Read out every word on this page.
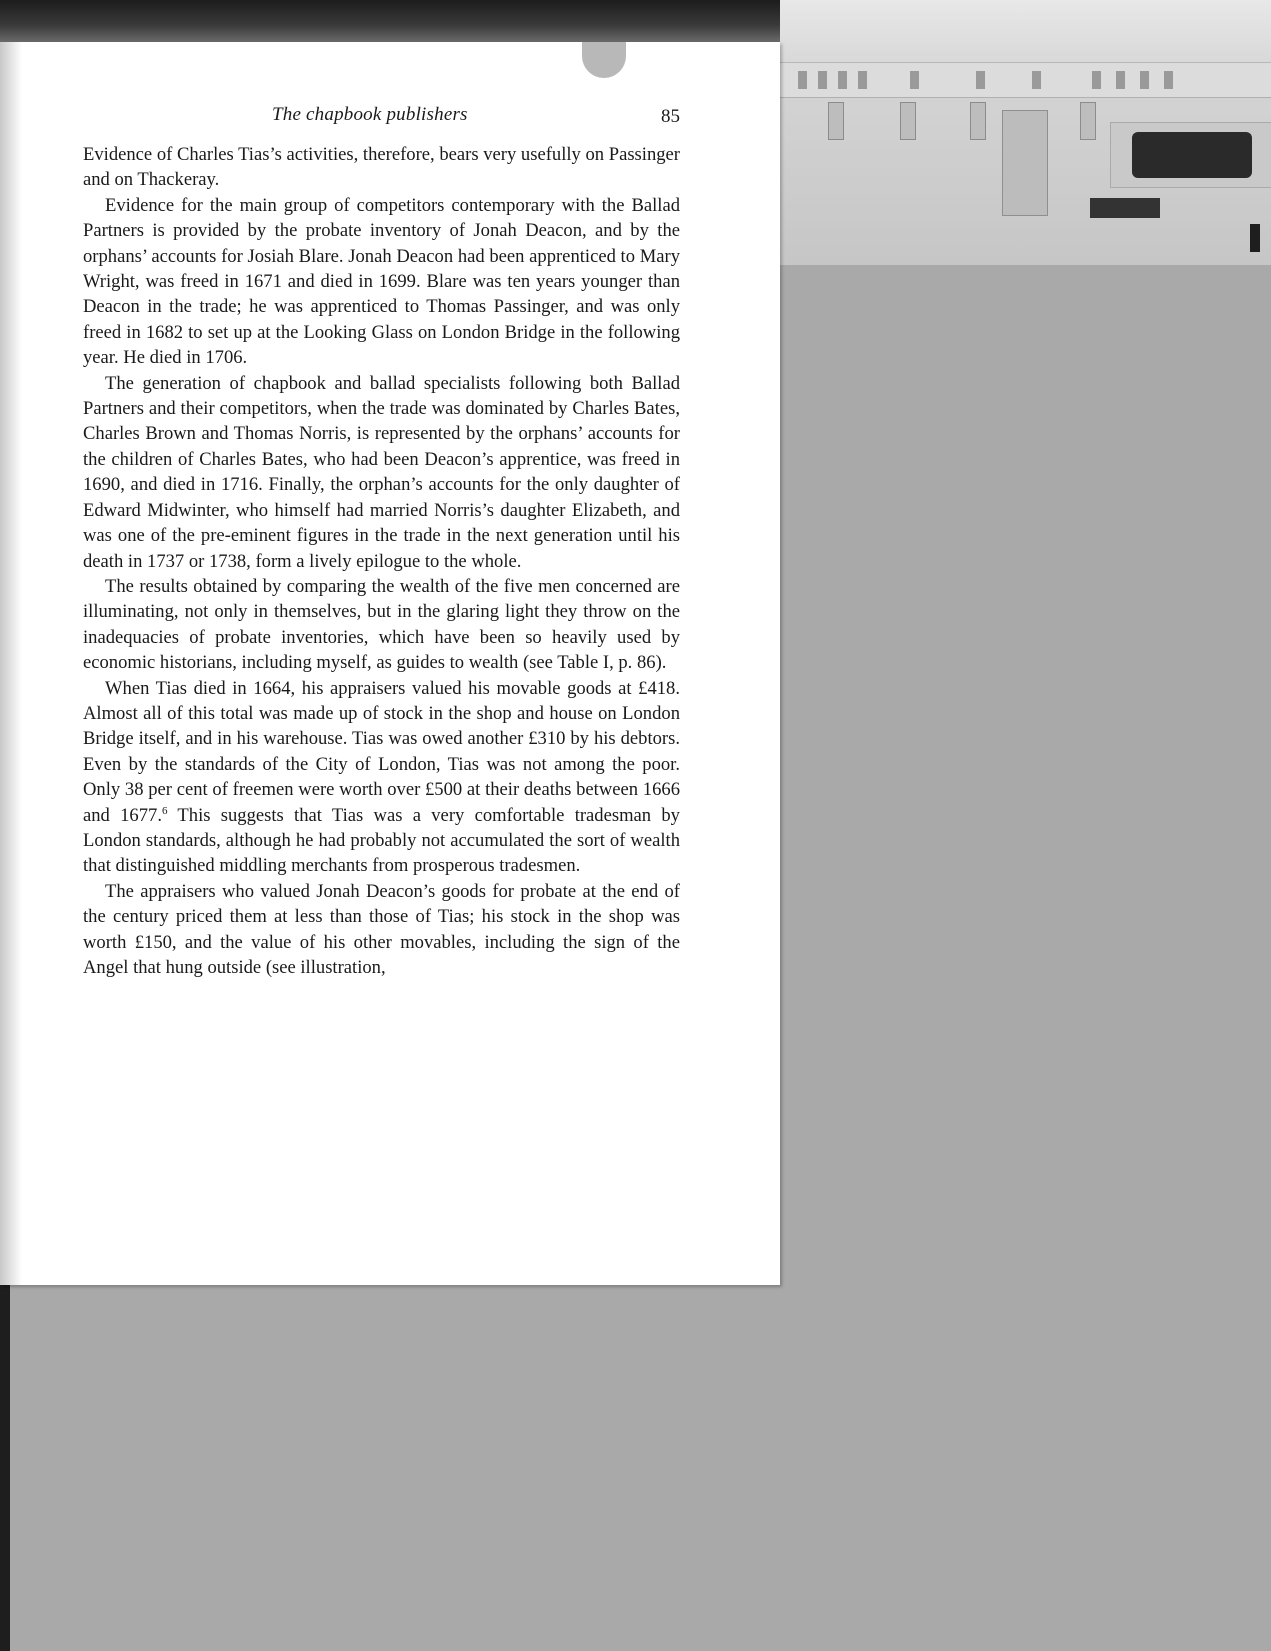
The chapbook publishers	85

Evidence of Charles Tias’s activities, therefore, bears very usefully on Passinger and on Thackeray.

Evidence for the main group of competitors contemporary with the Ballad Partners is provided by the probate inventory of Jonah Deacon, and by the orphans’ accounts for Josiah Blare. Jonah Deacon had been apprenticed to Mary Wright, was freed in 1671 and died in 1699. Blare was ten years younger than Deacon in the trade; he was apprenticed to Thomas Passinger, and was only freed in 1682 to set up at the Looking Glass on London Bridge in the following year. He died in 1706.

The generation of chapbook and ballad specialists following both Ballad Partners and their competitors, when the trade was dominated by Charles Bates, Charles Brown and Thomas Norris, is represented by the orphans’ accounts for the children of Charles Bates, who had been Deacon’s apprentice, was freed in 1690, and died in 1716. Finally, the orphan’s accounts for the only daughter of Edward Midwinter, who himself had married Norris’s daughter Elizabeth, and was one of the pre-eminent figures in the trade in the next generation until his death in 1737 or 1738, form a lively epilogue to the whole.

The results obtained by comparing the wealth of the five men concerned are illuminating, not only in themselves, but in the glaring light they throw on the inadequacies of probate inventories, which have been so heavily used by economic historians, including myself, as guides to wealth (see Table I, p. 86).

When Tias died in 1664, his appraisers valued his movable goods at £418. Almost all of this total was made up of stock in the shop and house on London Bridge itself, and in his warehouse. Tias was owed another £310 by his debtors. Even by the standards of the City of London, Tias was not among the poor. Only 38 per cent of freemen were worth over £500 at their deaths between 1666 and 1677.$^6$ This suggests that Tias was a very comfortable tradesman by London standards, although he had probably not accumulated the sort of wealth that distinguished middling merchants from prosperous tradesmen.

The appraisers who valued Jonah Deacon’s goods for probate at the end of the century priced them at less than those of Tias; his stock in the shop was worth £150, and the value of his other movables, including the sign of the Angel that hung outside (see illustration,
